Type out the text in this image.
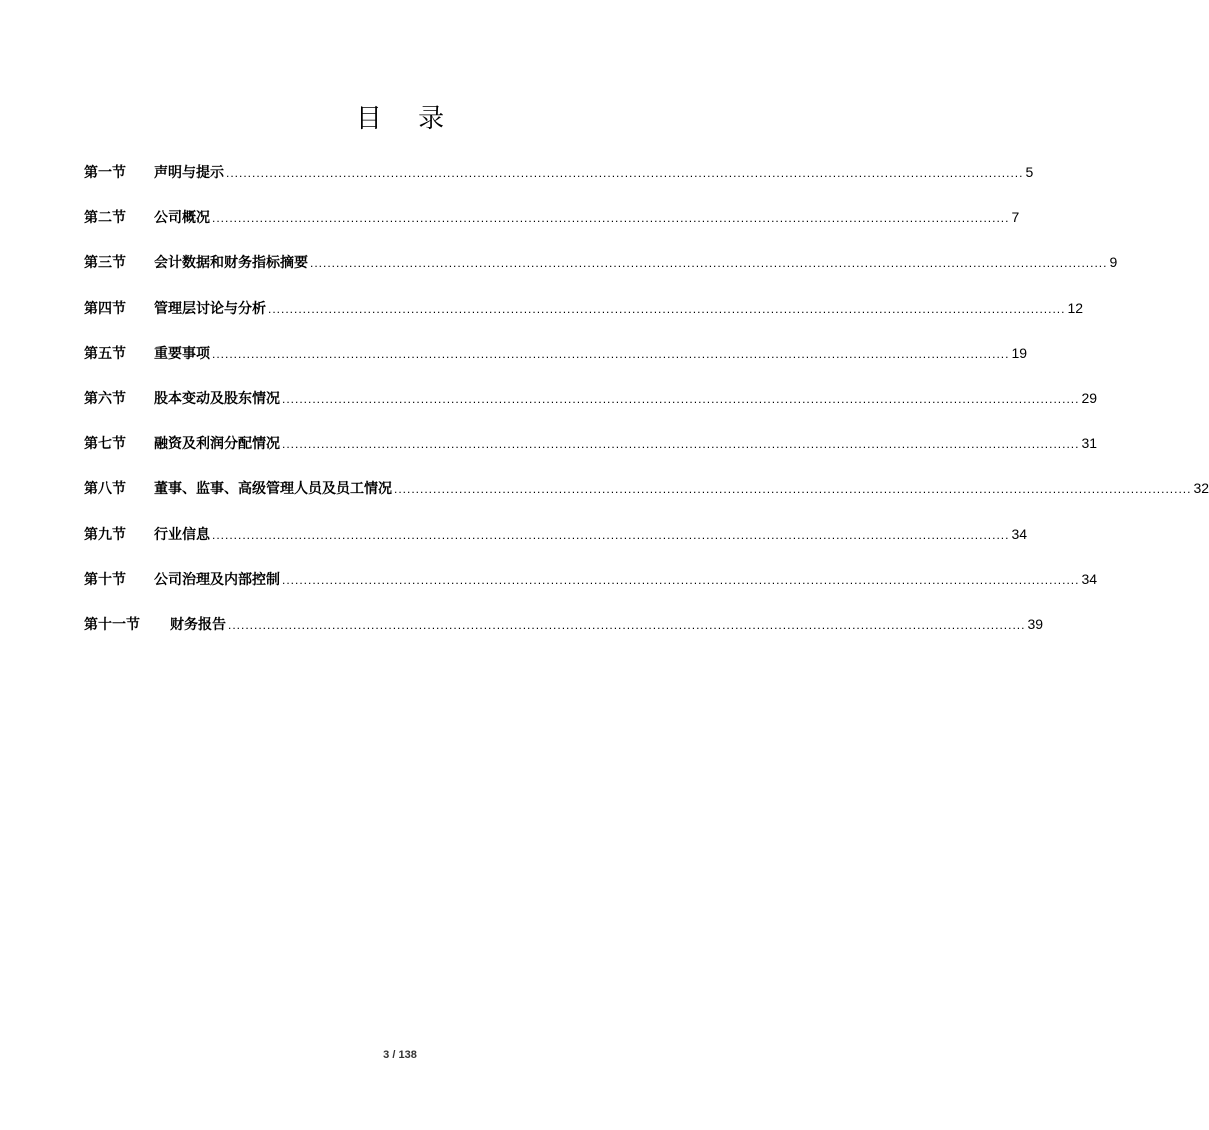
目 录
第一节	声明与提示 ........................................................................................................................................................................................ 5
第二节	公司概况 ........................................................................................................................................................................................ 7
第三节	会计数据和财务指标摘要 ........................................................................................................................................................................................ 9
第四节	管理层讨论与分析 ........................................................................................................................................................................................ 12
第五节	重要事项 ........................................................................................................................................................................................ 19
第六节	股本变动及股东情况 ........................................................................................................................................................................................ 29
第七节	融资及利润分配情况 ........................................................................................................................................................................................ 31
第八节	董事、监事、高级管理人员及员工情况 ........................................................................................................................................................................................ 32
第九节	行业信息 ........................................................................................................................................................................................ 34
第十节	公司治理及内部控制 ........................................................................................................................................................................................ 34
第十一节	财务报告 ........................................................................................................................................................................................ 39
3 / 138
